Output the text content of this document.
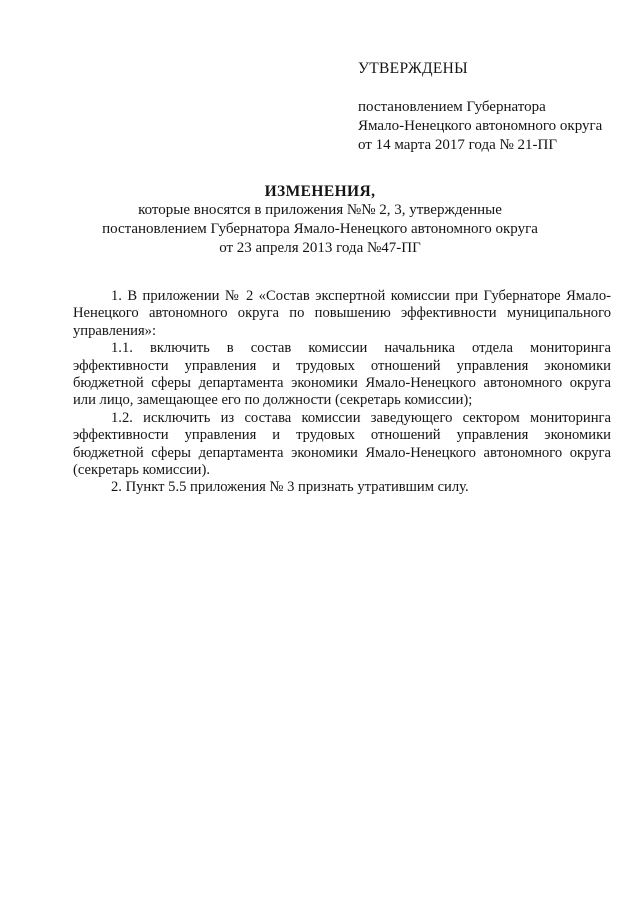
УТВЕРЖДЕНЫ
постановлением Губернатора
Ямало-Ненецкого автономного округа
от 14 марта 2017 года № 21-ПГ
ИЗМЕНЕНИЯ,
которые вносятся в приложения №№ 2, 3, утвержденные
постановлением Губернатора Ямало-Ненецкого автономного округа
от 23 апреля 2013 года №47-ПГ

1. В приложении № 2 «Состав экспертной комиссии при Губернаторе Ямало-Ненецкого автономного округа по повышению эффективности муниципального управления»:

1.1. включить в состав комиссии начальника отдела мониторинга эффективности управления и трудовых отношений управления экономики бюджетной сферы департамента экономики Ямало-Ненецкого автономного округа или лицо, замещающее его по должности (секретарь комиссии);

1.2. исключить из состава комиссии заведующего сектором мониторинга эффективности управления и трудовых отношений управления экономики бюджетной сферы департамента экономики Ямало-Ненецкого автономного округа (секретарь комиссии).

2. Пункт 5.5 приложения № 3 признать утратившим силу.
